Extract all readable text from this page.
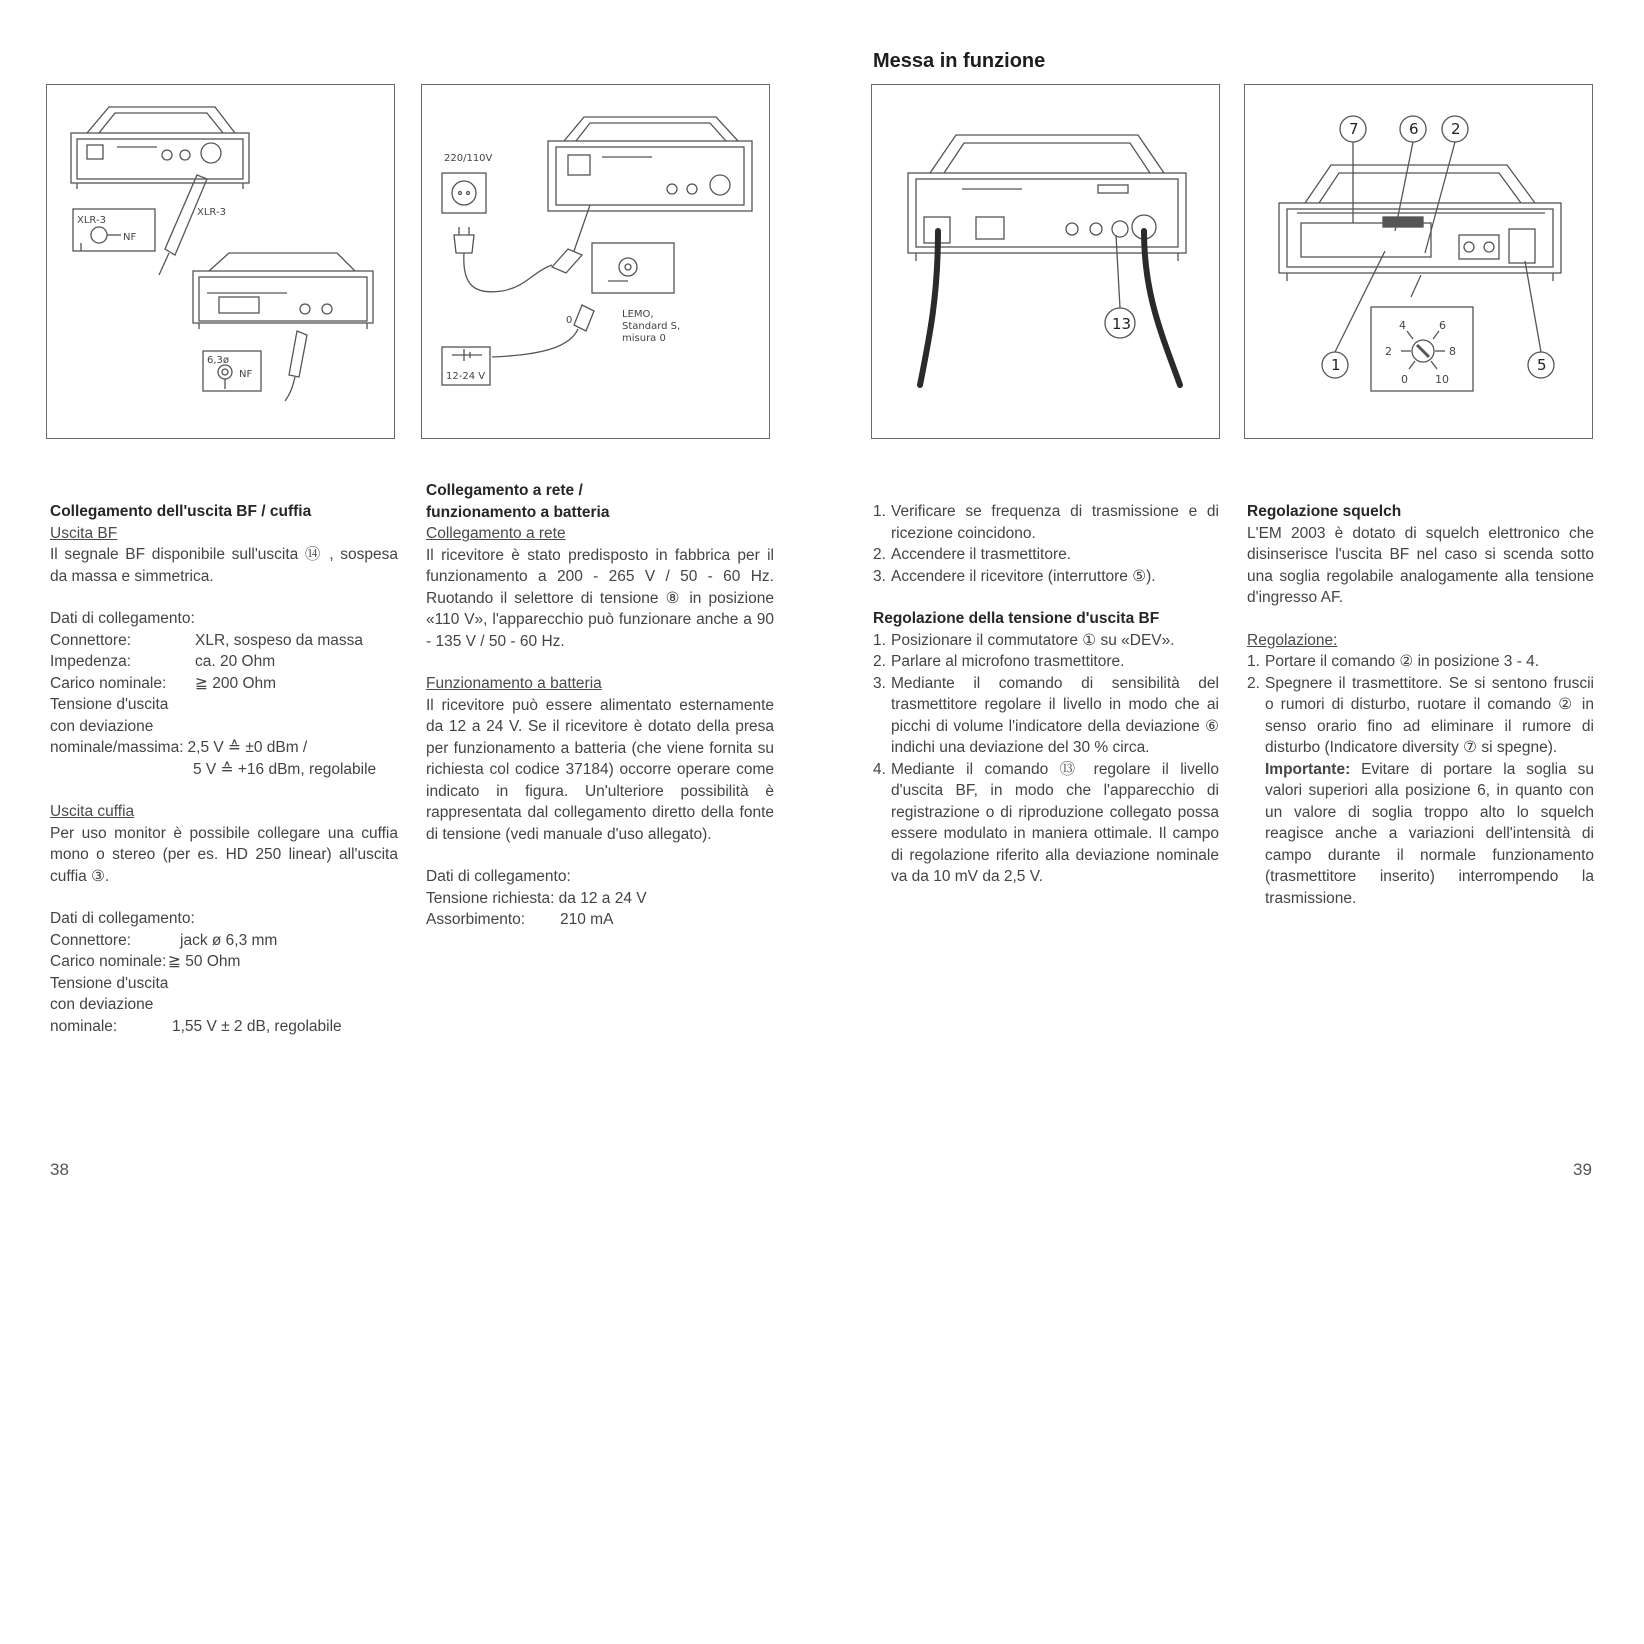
Messa in funzione
XLR-3
XLR-3
NF
6,3ø
NF
220/110V
LEMO,
Standard S,
misura 0
0
12-24 V
13
7	6 2
1	5
4	6
2	8
0 10

Collegamento dell'uscita BF / cuffia

Uscita BF

Il segnale BF disponibile sull'uscita ⑭ , sospesa da massa e simmetrica.

Dati di collegamento:

Connettore:	XLR, sospeso da massa
Impedenza:	ca. 20 Ohm
Carico nominale:	≧ 200 Ohm

Tensione d'uscita

con deviazione

nominale/massima: 2,5 V ≙ ±0 dBm /

5 V ≙ +16 dBm, regolabile

Uscita cuffia

Per uso monitor è possibile collegare una cuffia mono o stereo (per es. HD 250 linear) all'uscita cuffia ③.

Dati di collegamento:

Connettore:	jack ø 6,3 mm
Carico nominale: ≧ 50 Ohm

Tensione d'uscita

con deviazione

nominale:	1,55 V ± 2 dB, regolabile

Collegamento a rete /

funzionamento a batteria

Collegamento a rete

Il ricevitore è stato predisposto in fabbrica per il funzionamento a 200 - 265 V / 50 - 60 Hz. Ruotando il selettore di tensione ⑧ in posizione «110 V», l'apparecchio può funzionare anche a 90 - 135 V / 50 - 60 Hz.

Funzionamento a batteria

Il ricevitore può essere alimentato esternamente da 12 a 24 V. Se il ricevitore è dotato della presa per funzionamento a batteria (che viene fornita su richiesta col codice 37184) occorre operare come indicato in figura. Un'ulteriore possibilità è rappresentata dal collegamento diretto della fonte di tensione (vedi manuale d'uso allegato).

Dati di collegamento:

Tensione richiesta: da 12 a 24 V

Assorbimento:	210 mA
1. Verificare se frequenza di trasmissione e di ricezione coincidono.
2. Accendere il trasmettitore.
3. Accendere il ricevitore (interruttore ⑤).

Regolazione della tensione d'uscita BF

1. Posizionare il commutatore ① su «DEV».
2. Parlare al microfono trasmettitore.
3. Mediante il comando di sensibilità del trasmettitore regolare il livello in modo che ai picchi di volume l'indicatore della deviazione ⑥ indichi una deviazione del 30 % circa.
4. Mediante il comando ⑬ regolare il livello d'uscita BF, in modo che l'apparecchio di registrazione o di riproduzione collegato possa essere modulato in maniera ottimale. Il campo di regolazione riferito alla deviazione nominale va da 10 mV da 2,5 V.

Regolazione squelch

L'EM 2003 è dotato di squelch elettronico che disinserisce l'uscita BF nel caso si scenda sotto una soglia regolabile analogamente alla tensione d'ingresso AF.

Regolazione:

1. Portare il comando ② in posizione 3 - 4.
2. Spegnere il trasmettitore. Se si sentono fruscii o rumori di disturbo, ruotare il comando ② in senso orario fino ad eliminare il rumore di disturbo (Indicatore diversity ⑦ si spegne).

Importante: Evitare di portare la soglia su valori superiori alla posizione 6, in quanto con un valore di soglia troppo alto lo squelch reagisce anche a variazioni dell'intensità di campo durante il normale funzionamento (trasmettitore inserito) interrompendo la trasmissione.

38	39
